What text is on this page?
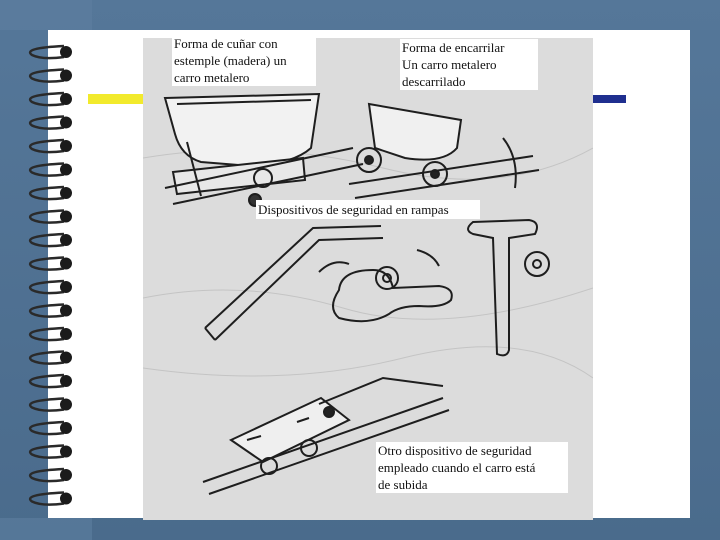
Forma de cuñar con
estemple (madera) un
carro metalero
Forma de encarrilar
Un carro metalero
descarrilado
Dispositivos de seguridad en rampas
Otro dispositivo de seguridad
empleado cuando el carro está
de subida
